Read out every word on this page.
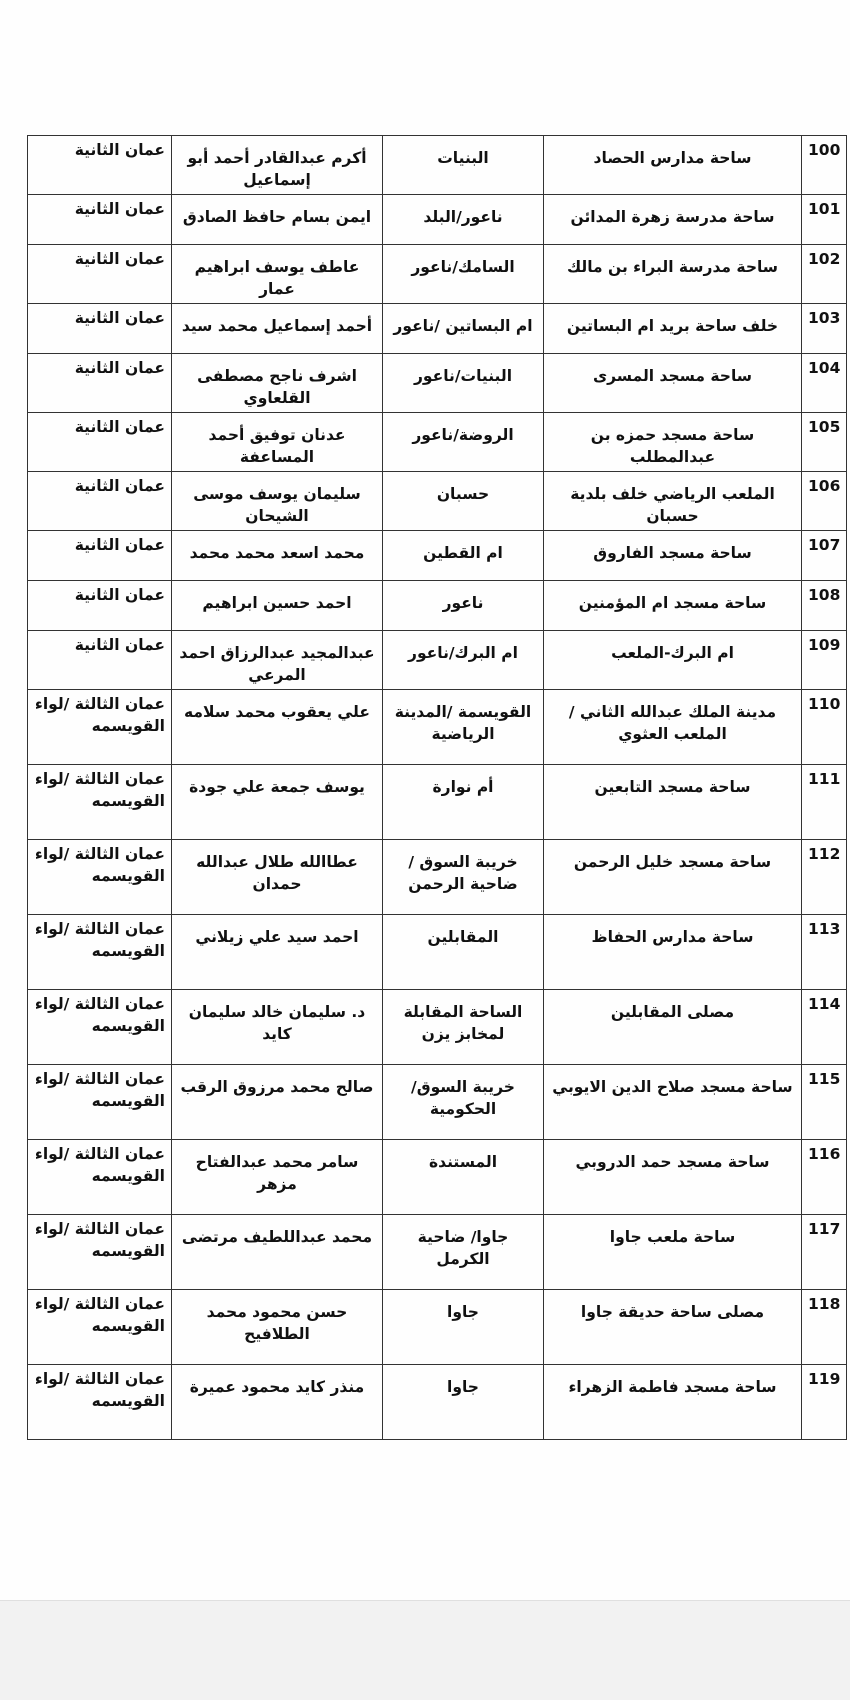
عمان الثانية	أكرم عبدالقادر أحمد أبو إسماعيل	البنيات	ساحة مدارس الحصاد	100
عمان الثانية	ايمن بسام حافظ الصادق	ناعور/البلد	ساحة مدرسة زهرة المدائن	101
عمان الثانية	عاطف يوسف ابراهيم عمار	السامك/ناعور	ساحة مدرسة البراء بن مالك	102
عمان الثانية	أحمد إسماعيل محمد سيد	ام البساتين /ناعور	خلف ساحة بريد ام البساتين	103
عمان الثانية	اشرف ناجح مصطفى القلعاوي	البنيات/ناعور	ساحة مسجد المسرى	104
عمان الثانية	عدنان توفيق أحمد المساعفة	الروضة/ناعور	ساحة مسجد حمزه بن عبدالمطلب	105
عمان الثانية	سليمان يوسف موسى الشيحان	حسبان	الملعب الرياضي خلف بلدية حسبان	106
عمان الثانية	محمد اسعد محمد محمد	ام القطين	ساحة مسجد الفاروق	107
عمان الثانية	احمد حسين ابراهيم	ناعور	ساحة مسجد ام المؤمنين	108
عمان الثانية	عبدالمجيد عبدالرزاق احمد المرعي	ام البرك/ناعور	ام البرك-الملعب	109
عمان الثالثة /لواء القويسمه	علي يعقوب محمد سلامه	القويسمة /المدينة الرياضية	مدينة الملك عبدالله الثاني / الملعب العثوي	110
عمان الثالثة /لواء القويسمه	يوسف جمعة علي جودة	أم نوارة	ساحة مسجد التابعين	111
عمان الثالثة /لواء القويسمه	عطاالله طلال عبدالله حمدان	خريبة السوق / ضاحية الرحمن	ساحة مسجد خليل الرحمن	112
عمان الثالثة /لواء القويسمه	احمد سيد علي زيلاني	المقابلين	ساحة مدارس الحفاظ	113
عمان الثالثة /لواء القويسمه	د. سليمان خالد سليمان كايد	الساحة المقابلة لمخابز يزن	مصلى المقابلين	114
عمان الثالثة /لواء القويسمه	صالح محمد مرزوق الرقب	خريبة السوق/ الحكومية	ساحة مسجد صلاح الدين الايوبي	115
عمان الثالثة /لواء القويسمه	سامر محمد عبدالفتاح مزهر	المستندة	ساحة مسجد حمد الدروبي	116
عمان الثالثة /لواء القويسمه	محمد عبداللطيف مرتضى	جاوا/ ضاحية الكرمل	ساحة ملعب جاوا	117
عمان الثالثة /لواء القويسمه	حسن محمود محمد الطلافيح	جاوا	مصلى ساحة حديقة جاوا	118
عمان الثالثة /لواء القويسمه	منذر كايد محمود عميرة	جاوا	ساحة مسجد فاطمة الزهراء	119
